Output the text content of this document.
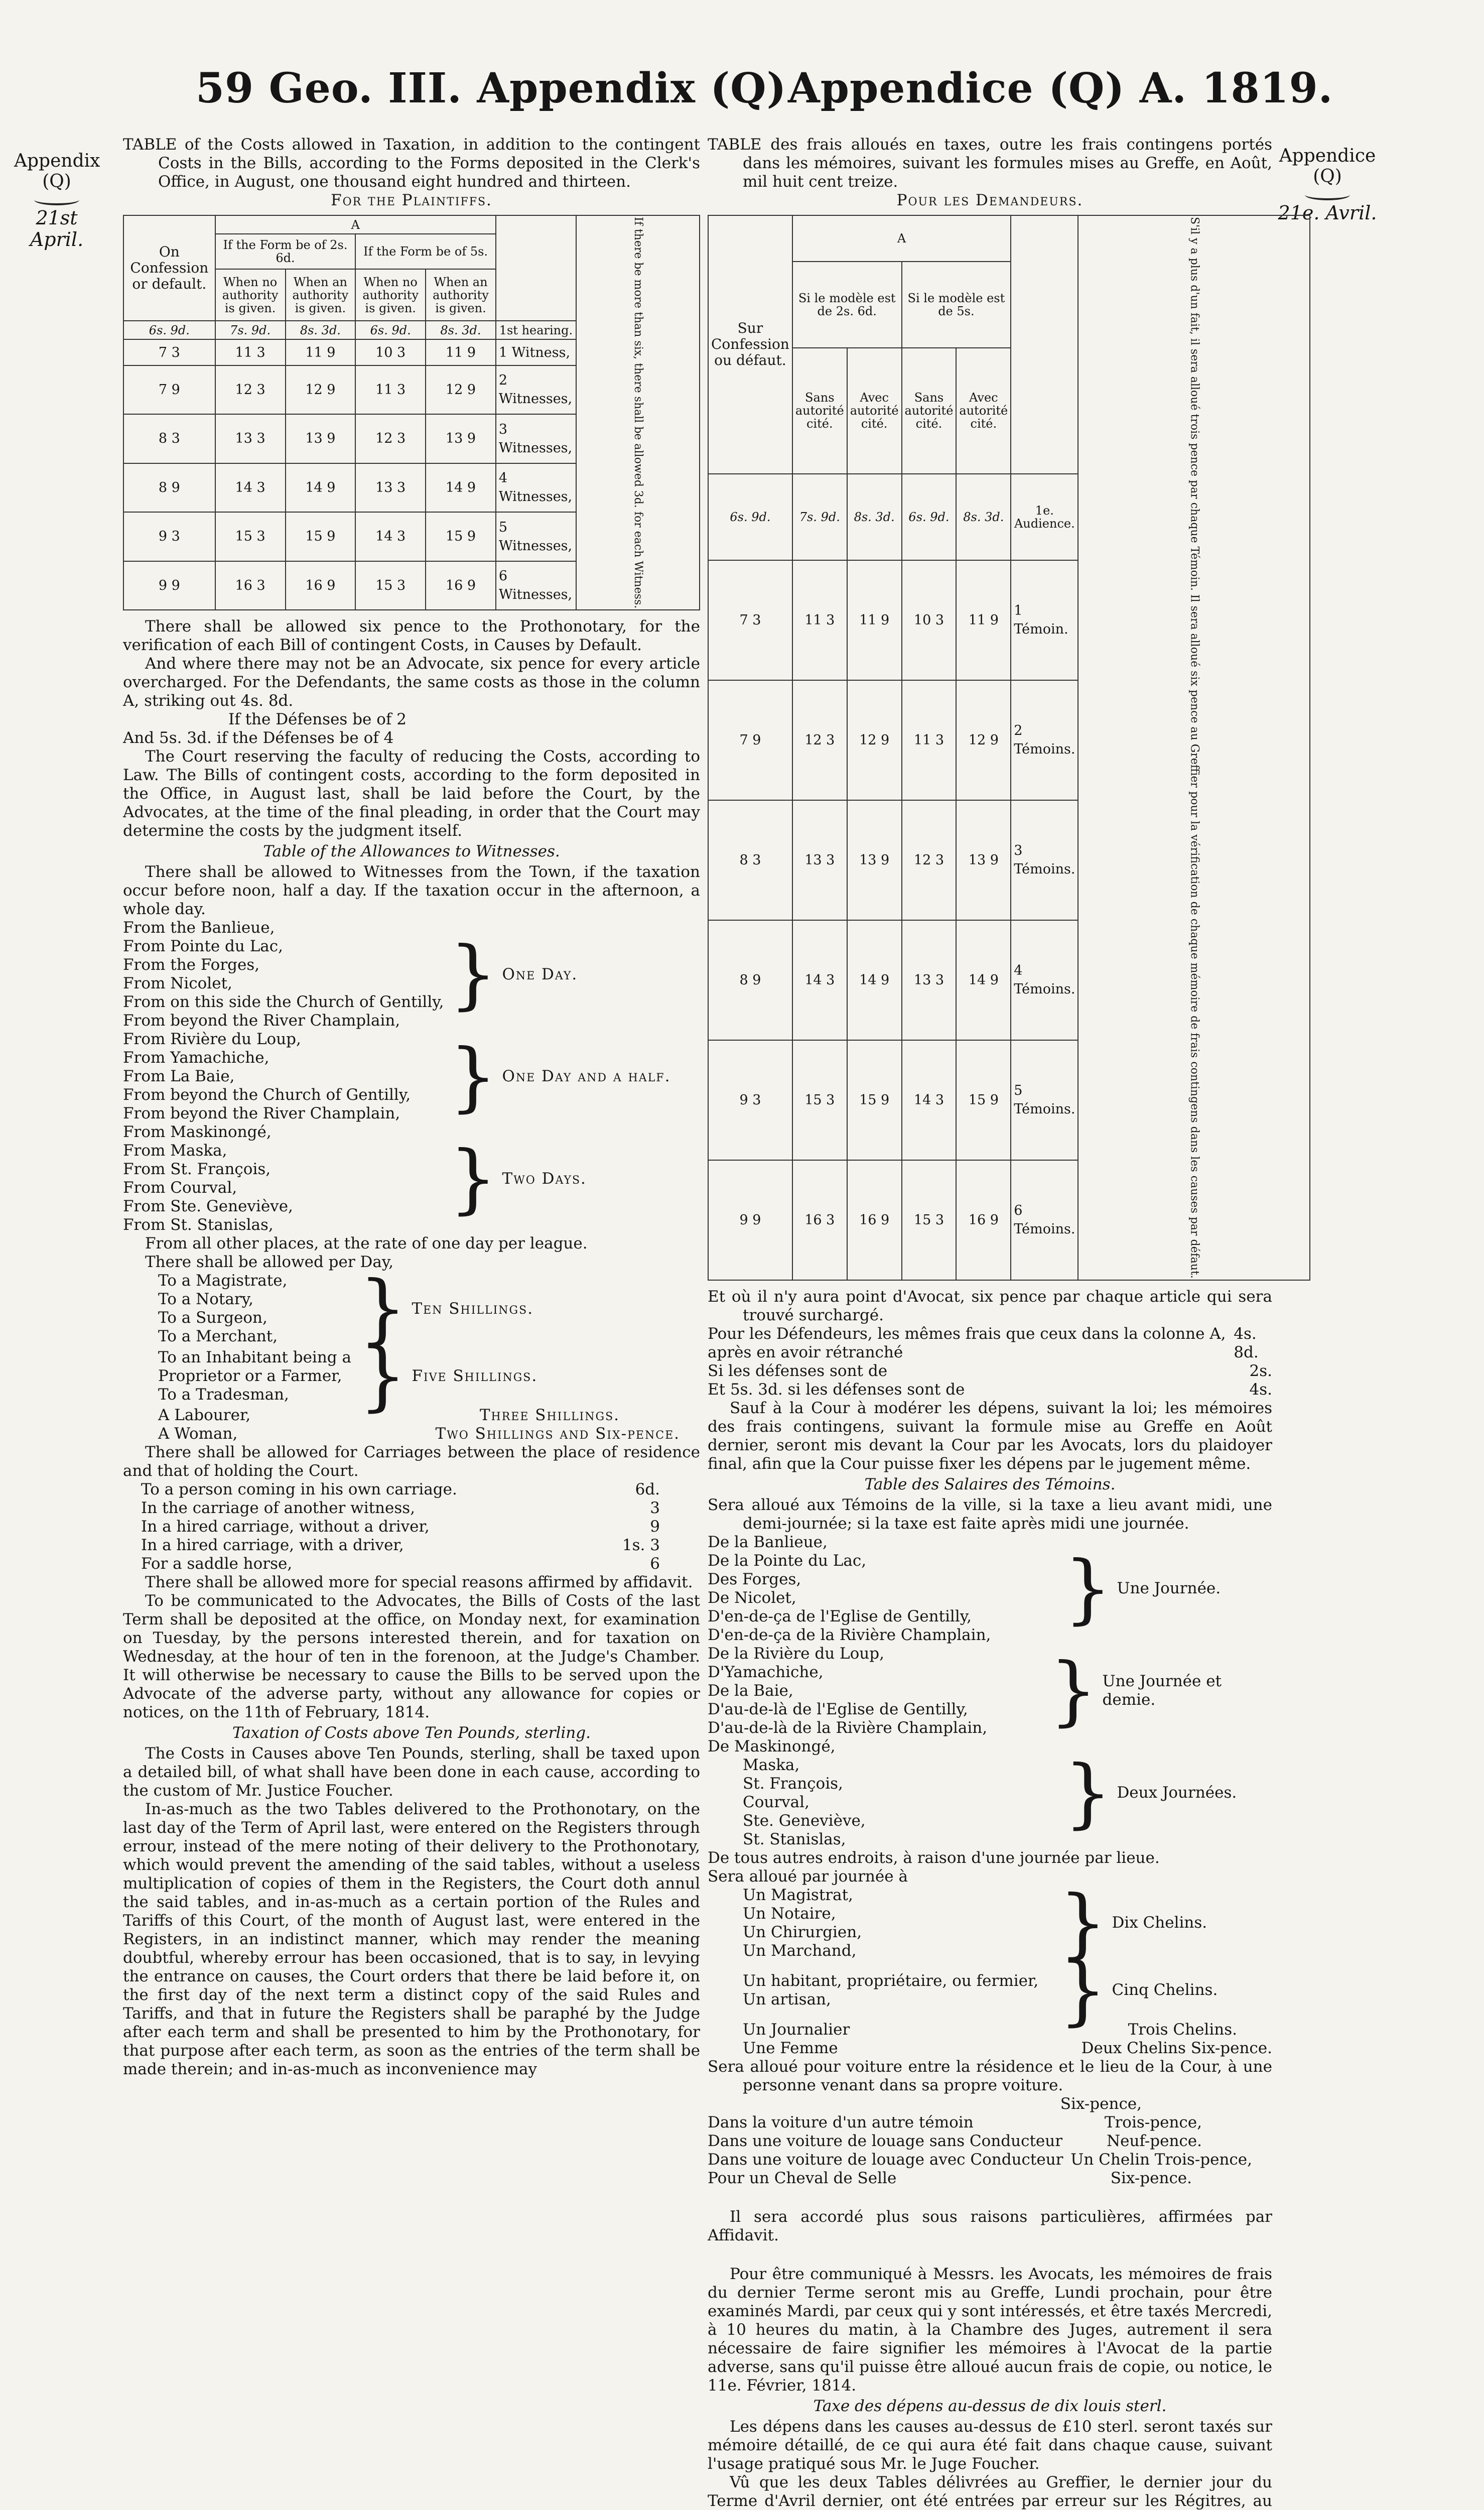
59 Geo. III. Appendix (Q) Appendice (Q) A. 1819.
Appendix
(Q)
21st April.
Appendice
(Q)
21e. Avril.

TABLE of the Costs allowed in Taxation, in addition to the contingent Costs in the Bills, according to the Forms deposited in the Clerk's Office, in August, one thousand eight hundred and thirteen.

For the Plaintiffs.

On Confession or default.	A					If there be more than six, there shall be allowed 3d. for each Witness.
	If the Form be of 2s. 6d.		If the Form be of 5s.			
	When no authority is given.	When an authority is given.	When no authority is given.	When an authority is given.		
6s. 9d.	7s. 9d.	8s. 3d.	6s. 9d.	8s. 3d.	1st hearing.	
7 3	11 3	11 9	10 3	11 9	1 Witness,	
7 9	12 3	12 9	11 3	12 9	2 Witnesses,	
8 3	13 3	13 9	12 3	13 9	3 Witnesses,	
8 9	14 3	14 9	13 3	14 9	4 Witnesses,	
9 3	15 3	15 9	14 3	15 9	5 Witnesses,	
9 9	16 3	16 9	15 3	16 9	6 Witnesses,	

There shall be allowed six pence to the Prothonotary, for the verification of each Bill of contingent Costs, in Causes by Default.

And where there may not be an Advocate, six pence for every article overcharged. For the Defendants, the same costs as those in the column A, striking out 4s. 8d.

If the Défenses be of 2

And 5s. 3d. if the Défenses be of 4

The Court reserving the faculty of reducing the Costs, according to Law. The Bills of contingent costs, according to the form deposited in the Office, in August last, shall be laid before the Court, by the Advocates, at the time of the final pleading, in order that the Court may determine the costs by the judgment itself.

Table of the Allowances to Witnesses.

There shall be allowed to Witnesses from the Town, if the taxation occur before noon, half a day. If the taxation occur in the afternoon, a whole day.

From the Banlieue,
From Pointe du Lac,
From the Forges,
From Nicolet,
From on this side the Church of Gentilly,
From beyond the River Champlain,
} One Day.
From Rivière du Loup,
From Yamachiche,
From La Baie,
From beyond the Church of Gentilly,
From beyond the River Champlain, } One Day and a half.
From Maskinongé,
From Maska,
From St. François,
From Courval,
From Ste. Geneviève,
From St. Stanislas,
} Two Days.

From all other places, at the rate of one day per league.

There shall be allowed per Day,

To a Magistrate,
To a Notary,
To a Surgeon,
To a Merchant,	} Ten Shillings.
To an Inhabitant being a Proprietor or a Farmer,
To a Tradesman, } Five Shillings.
A Labourer,	Three Shillings.
A Woman,	Two Shillings and Six-pence.

There shall be allowed for Carriages between the place of residence and that of holding the Court.

To a person coming in his own carriage.	6d.
In the carriage of another witness,	3
In a hired carriage, without a driver,	9
In a hired carriage, with a driver,	1s. 3
For a saddle horse,	6

There shall be allowed more for special reasons affirmed by affidavit.

To be communicated to the Advocates, the Bills of Costs of the last Term shall be deposited at the office, on Monday next, for examination on Tuesday, by the persons interested therein, and for taxation on Wednesday, at the hour of ten in the forenoon, at the Judge's Chamber. It will otherwise be necessary to cause the Bills to be served upon the Advocate of the adverse party, without any allowance for copies or notices, on the 11th of February, 1814.

Taxation of Costs above Ten Pounds, sterling.

The Costs in Causes above Ten Pounds, sterling, shall be taxed upon a detailed bill, of what shall have been done in each cause, according to the custom of Mr. Justice Foucher.

In-as-much as the two Tables delivered to the Prothonotary, on the last day of the Term of April last, were entered on the Registers through errour, instead of the mere noting of their delivery to the Prothonotary, which would prevent the amending of the said tables, without a useless multiplication of copies of them in the Registers, the Court doth annul the said tables, and in-as-much as a certain portion of the Rules and Tariffs of this Court, of the month of August last, were entered in the Registers, in an indistinct manner, which may render the meaning doubtful, whereby errour has been occasioned, that is to say, in levying the entrance on causes, the Court orders that there be laid before it, on the first day of the next term a distinct copy of the said Rules and Tariffs, and that in future the Registers shall be paraphé by the Judge after each term and shall be presented to him by the Prothonotary, for that purpose after each term, as soon as the entries of the term shall be made therein; and in-as-much as inconvenience may

TABLE des frais alloués en taxes, outre les frais contingens portés dans les mémoires, suivant les formules mises au Greffe, en Août, mil huit cent treize.

Pour les Demandeurs.

Sur Confession ou défaut.	A					S'il y a plus d'un fait, il sera alloué trois pence par chaque Témoin. Il sera alloué six pence au Greffier pour la vérification de chaque mémoire de frais contingens dans les causes par défaut.
	Si le modèle est de 2s. 6d.		Si le modèle est de 5s.			
	Sans autorité cité.	Avec autorité cité.	Sans autorité cité.	Avec autorité cité.		
6s. 9d.	7s. 9d.	8s. 3d.	6s. 9d.	8s. 3d.	1e. Audience.	
7 3	11 3	11 9	10 3	11 9	1 Témoin.	
7 9	12 3	12 9	11 3	12 9	2 Témoins.	
8 3	13 3	13 9	12 3	13 9	3 Témoins.	
8 9	14 3	14 9	13 3	14 9	4 Témoins.	
9 3	15 3	15 9	14 3	15 9	5 Témoins.	
9 9	16 3	16 9	15 3	16 9	6 Témoins.	

Et où il n'y aura point d'Avocat, six pence par chaque article qui sera trouvé surchargé.

Pour les Défendeurs, les mêmes frais que ceux dans la colonne A, après en avoir rétranché
4s. 8d.
Si les défenses sont de	2s.
Et 5s. 3d. si les défenses sont de	4s.

Sauf à la Cour à modérer les dépens, suivant la loi; les mémoires des frais contingens, suivant la formule mise au Greffe en Août dernier, seront mis devant la Cour par les Avocats, lors du plaidoyer final, afin que la Cour puisse fixer les dépens par le jugement même.

Table des Salaires des Témoins.

Sera alloué aux Témoins de la ville, si la taxe a lieu avant midi, une demi-journée; si la taxe est faite après midi une journée.

De la Banlieue,
De la Pointe du Lac,
Des Forges,
De Nicolet,
D'en-de-ça de l'Eglise de Gentilly,
D'en-de-ça de la Rivière Champlain,
} Une Journée.
De la Rivière du Loup,
D'Yamachiche,
De la Baie,
D'au-de-là de l'Eglise de Gentilly,
D'au-de-là de la Rivière Champlain, } Une Journée et demie.
De Maskinongé,
Maska,
St. François,
Courval,
Ste. Geneviève,
St. Stanislas,
} Deux Journées.

De tous autres endroits, à raison d'une journée par lieue.

Sera alloué par journée à

Un Magistrat,
Un Notaire,
Un Chirurgien,
Un Marchand,	} Dix Chelins.
Un habitant, propriétaire, ou fermier,
Un artisan,	} Cinq Chelins.
Un Journalier	Trois Chelins.
Une Femme	Deux Chelins Six-pence.

Sera alloué pour voiture entre la résidence et le lieu de la Cour, à une personne venant dans sa propre voiture.

Six-pence,

Dans la voiture d'un autre témoin	Trois-pence,
Dans une voiture de louage sans Conducteur	Neuf-pence.
Dans une voiture de louage avec Conducteur Un Chelin Trois-pence,
Pour un Cheval de Selle	Six-pence.

Il sera accordé plus sous raisons particulières, affirmées par Affidavit.

Pour être communiqué à Messrs. les Avocats, les mémoires de frais du dernier Terme seront mis au Greffe, Lundi prochain, pour être examinés Mardi, par ceux qui y sont intéressés, et être taxés Mercredi, à 10 heures du matin, à la Chambre des Juges, autrement il sera nécessaire de faire signifier les mémoires à l'Avocat de la partie adverse, sans qu'il puisse être alloué aucun frais de copie, ou notice, le 11e. Février, 1814.

Taxe des dépens au-dessus de dix louis sterl.

Les dépens dans les causes au-dessus de £10 sterl. seront taxés sur mémoire détaillé, de ce qui aura été fait dans chaque cause, suivant l'usage pratiqué sous Mr. le Juge Foucher.

Vû que les deux Tables délivrées au Greffier, le dernier jour du Terme d'Avril dernier, ont été entrées par erreur sur les Régitres, au
